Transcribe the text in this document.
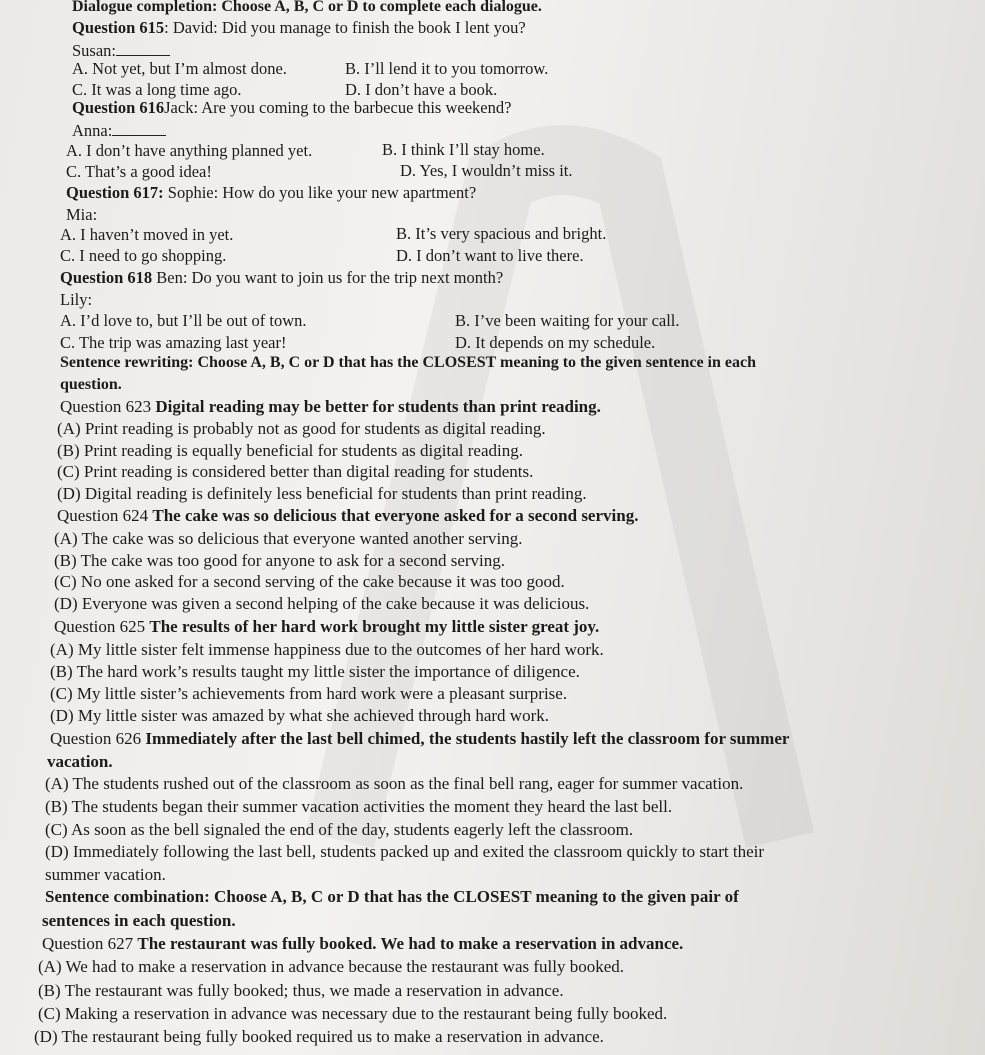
Dialogue completion: Choose A, B, C or D to complete each dialogue.
Question 615: David: Did you manage to finish the book I lent you?
Susan:
A. Not yet, but I’m almost done.	B. I’ll lend it to you tomorrow.
C. It was a long time ago.	D. I don’t have a book.
Question 616Jack: Are you coming to the barbecue this weekend?
Anna:
A. I don’t have anything planned yet.	B. I think I’ll stay home.
C. That’s a good idea!	D. Yes, I wouldn’t miss it.
Question 617: Sophie: How do you like your new apartment?
Mia:
A. I haven’t moved in yet.	B. It’s very spacious and bright.
C. I need to go shopping.	D. I don’t want to live there.
Question 618 Ben: Do you want to join us for the trip next month?
Lily:
A. I’d love to, but I’ll be out of town.	B. I’ve been waiting for your call.
C. The trip was amazing last year!	D. It depends on my schedule.
Sentence rewriting: Choose A, B, C or D that has the CLOSEST meaning to the given sentence in each
question.
Question 623 Digital reading may be better for students than print reading.
(A) Print reading is probably not as good for students as digital reading.
(B) Print reading is equally beneficial for students as digital reading.
(C) Print reading is considered better than digital reading for students.
(D) Digital reading is definitely less beneficial for students than print reading.
Question 624 The cake was so delicious that everyone asked for a second serving.
(A) The cake was so delicious that everyone wanted another serving.
(B) The cake was too good for anyone to ask for a second serving.
(C) No one asked for a second serving of the cake because it was too good.
(D) Everyone was given a second helping of the cake because it was delicious.
Question 625 The results of her hard work brought my little sister great joy.
(A) My little sister felt immense happiness due to the outcomes of her hard work.
(B) The hard work’s results taught my little sister the importance of diligence.
(C) My little sister’s achievements from hard work were a pleasant surprise.
(D) My little sister was amazed by what she achieved through hard work.
Question 626 Immediately after the last bell chimed, the students hastily left the classroom for summer
vacation.
(A) The students rushed out of the classroom as soon as the final bell rang, eager for summer vacation.
(B) The students began their summer vacation activities the moment they heard the last bell.
(C) As soon as the bell signaled the end of the day, students eagerly left the classroom.
(D) Immediately following the last bell, students packed up and exited the classroom quickly to start their
summer vacation.
Sentence combination: Choose A, B, C or D that has the CLOSEST meaning to the given pair of
sentences in each question.
Question 627 The restaurant was fully booked. We had to make a reservation in advance.
(A) We had to make a reservation in advance because the restaurant was fully booked.
(B) The restaurant was fully booked; thus, we made a reservation in advance.
(C) Making a reservation in advance was necessary due to the restaurant being fully booked.
(D) The restaurant being fully booked required us to make a reservation in advance.
